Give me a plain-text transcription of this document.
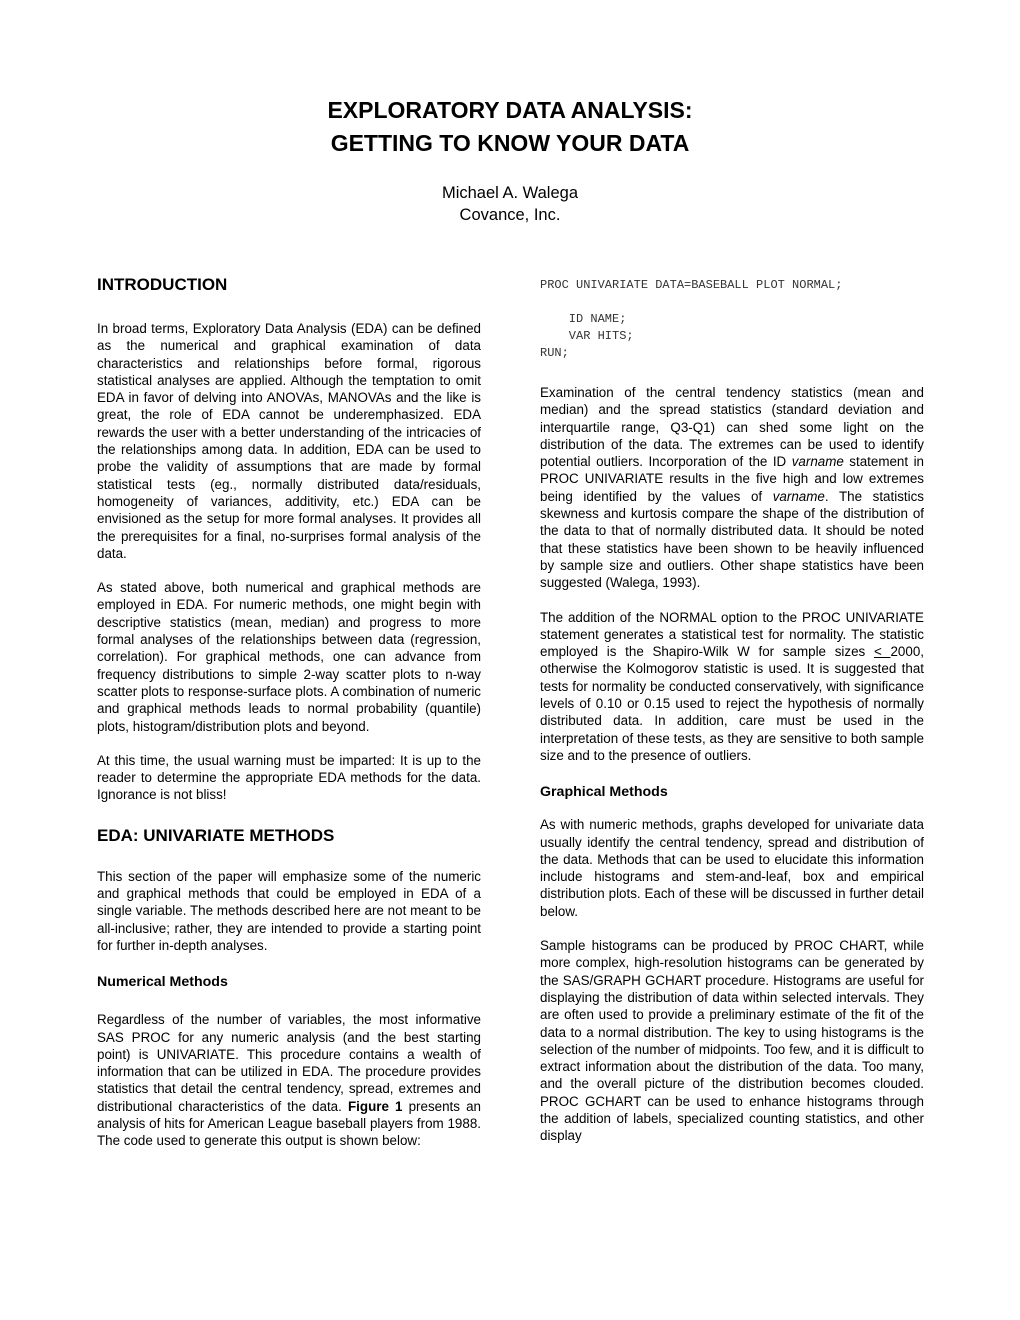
EXPLORATORY DATA ANALYSIS:
GETTING TO KNOW YOUR DATA
Michael A. Walega
Covance, Inc.
INTRODUCTION

In broad terms, Exploratory Data Analysis (EDA) can be defined as the numerical and graphical examination of data characteristics and relationships before formal, rigorous statistical analyses are applied. Although the temptation to omit EDA in favor of delving into ANOVAs, MANOVAs and the like is great, the role of EDA cannot be underemphasized. EDA rewards the user with a better understanding of the intricacies of the relationships among data. In addition, EDA can be used to probe the validity of assumptions that are made by formal statistical tests (eg., normally distributed data/residuals, homogeneity of variances, additivity, etc.) EDA can be envisioned as the setup for more formal analyses. It provides all the prerequisites for a final, no-surprises formal analysis of the data.

As stated above, both numerical and graphical methods are employed in EDA. For numeric methods, one might begin with descriptive statistics (mean, median) and progress to more formal analyses of the relationships between data (regression, correlation). For graphical methods, one can advance from frequency distributions to simple 2-way scatter plots to n-way scatter plots to response-surface plots. A combination of numeric and graphical methods leads to normal probability (quantile) plots, histogram/distribution plots and beyond.

At this time, the usual warning must be imparted: It is up to the reader to determine the appropriate EDA methods for the data. Ignorance is not bliss!

EDA: UNIVARIATE METHODS

This section of the paper will emphasize some of the numeric and graphical methods that could be employed in EDA of a single variable. The methods described here are not meant to be all-inclusive; rather, they are intended to provide a starting point for further in-depth analyses.

Numerical Methods

Regardless of the number of variables, the most informative SAS PROC for any numeric analysis (and the best starting point) is UNIVARIATE. This procedure contains a wealth of information that can be utilized in EDA. The procedure provides statistics that detail the central tendency, spread, extremes and distributional characteristics of the data. Figure 1 presents an analysis of hits for American League baseball players from 1988. The code used to generate this output is shown below:

PROC UNIVARIATE DATA=BASEBALL PLOT NORMAL;

ID NAME;
VAR HITS;
RUN;

Examination of the central tendency statistics (mean and median) and the spread statistics (standard deviation and interquartile range, Q3-Q1) can shed some light on the distribution of the data. The extremes can be used to identify potential outliers. Incorporation of the ID varname statement in PROC UNIVARIATE results in the five high and low extremes being identified by the values of varname. The statistics skewness and kurtosis compare the shape of the distribution of the data to that of normally distributed data. It should be noted that these statistics have been shown to be heavily influenced by sample size and outliers. Other shape statistics have been suggested (Walega, 1993).

The addition of the NORMAL option to the PROC UNIVARIATE statement generates a statistical test for normality. The statistic employed is the Shapiro-Wilk W for sample sizes < 2000, otherwise the Kolmogorov statistic is used. It is suggested that tests for normality be conducted conservatively, with significance levels of 0.10 or 0.15 used to reject the hypothesis of normally distributed data. In addition, care must be used in the interpretation of these tests, as they are sensitive to both sample size and to the presence of outliers.

Graphical Methods

As with numeric methods, graphs developed for univariate data usually identify the central tendency, spread and distribution of the data. Methods that can be used to elucidate this information include histograms and stem-and-leaf, box and empirical distribution plots. Each of these will be discussed in further detail below.

Sample histograms can be produced by PROC CHART, while more complex, high-resolution histograms can be generated by the SAS/GRAPH GCHART procedure. Histograms are useful for displaying the distribution of data within selected intervals. They are often used to provide a preliminary estimate of the fit of the data to a normal distribution. The key to using histograms is the selection of the number of midpoints. Too few, and it is difficult to extract information about the distribution of the data. Too many, and the overall picture of the distribution becomes clouded. PROC GCHART can be used to enhance histograms through the addition of labels, specialized counting statistics, and other display
